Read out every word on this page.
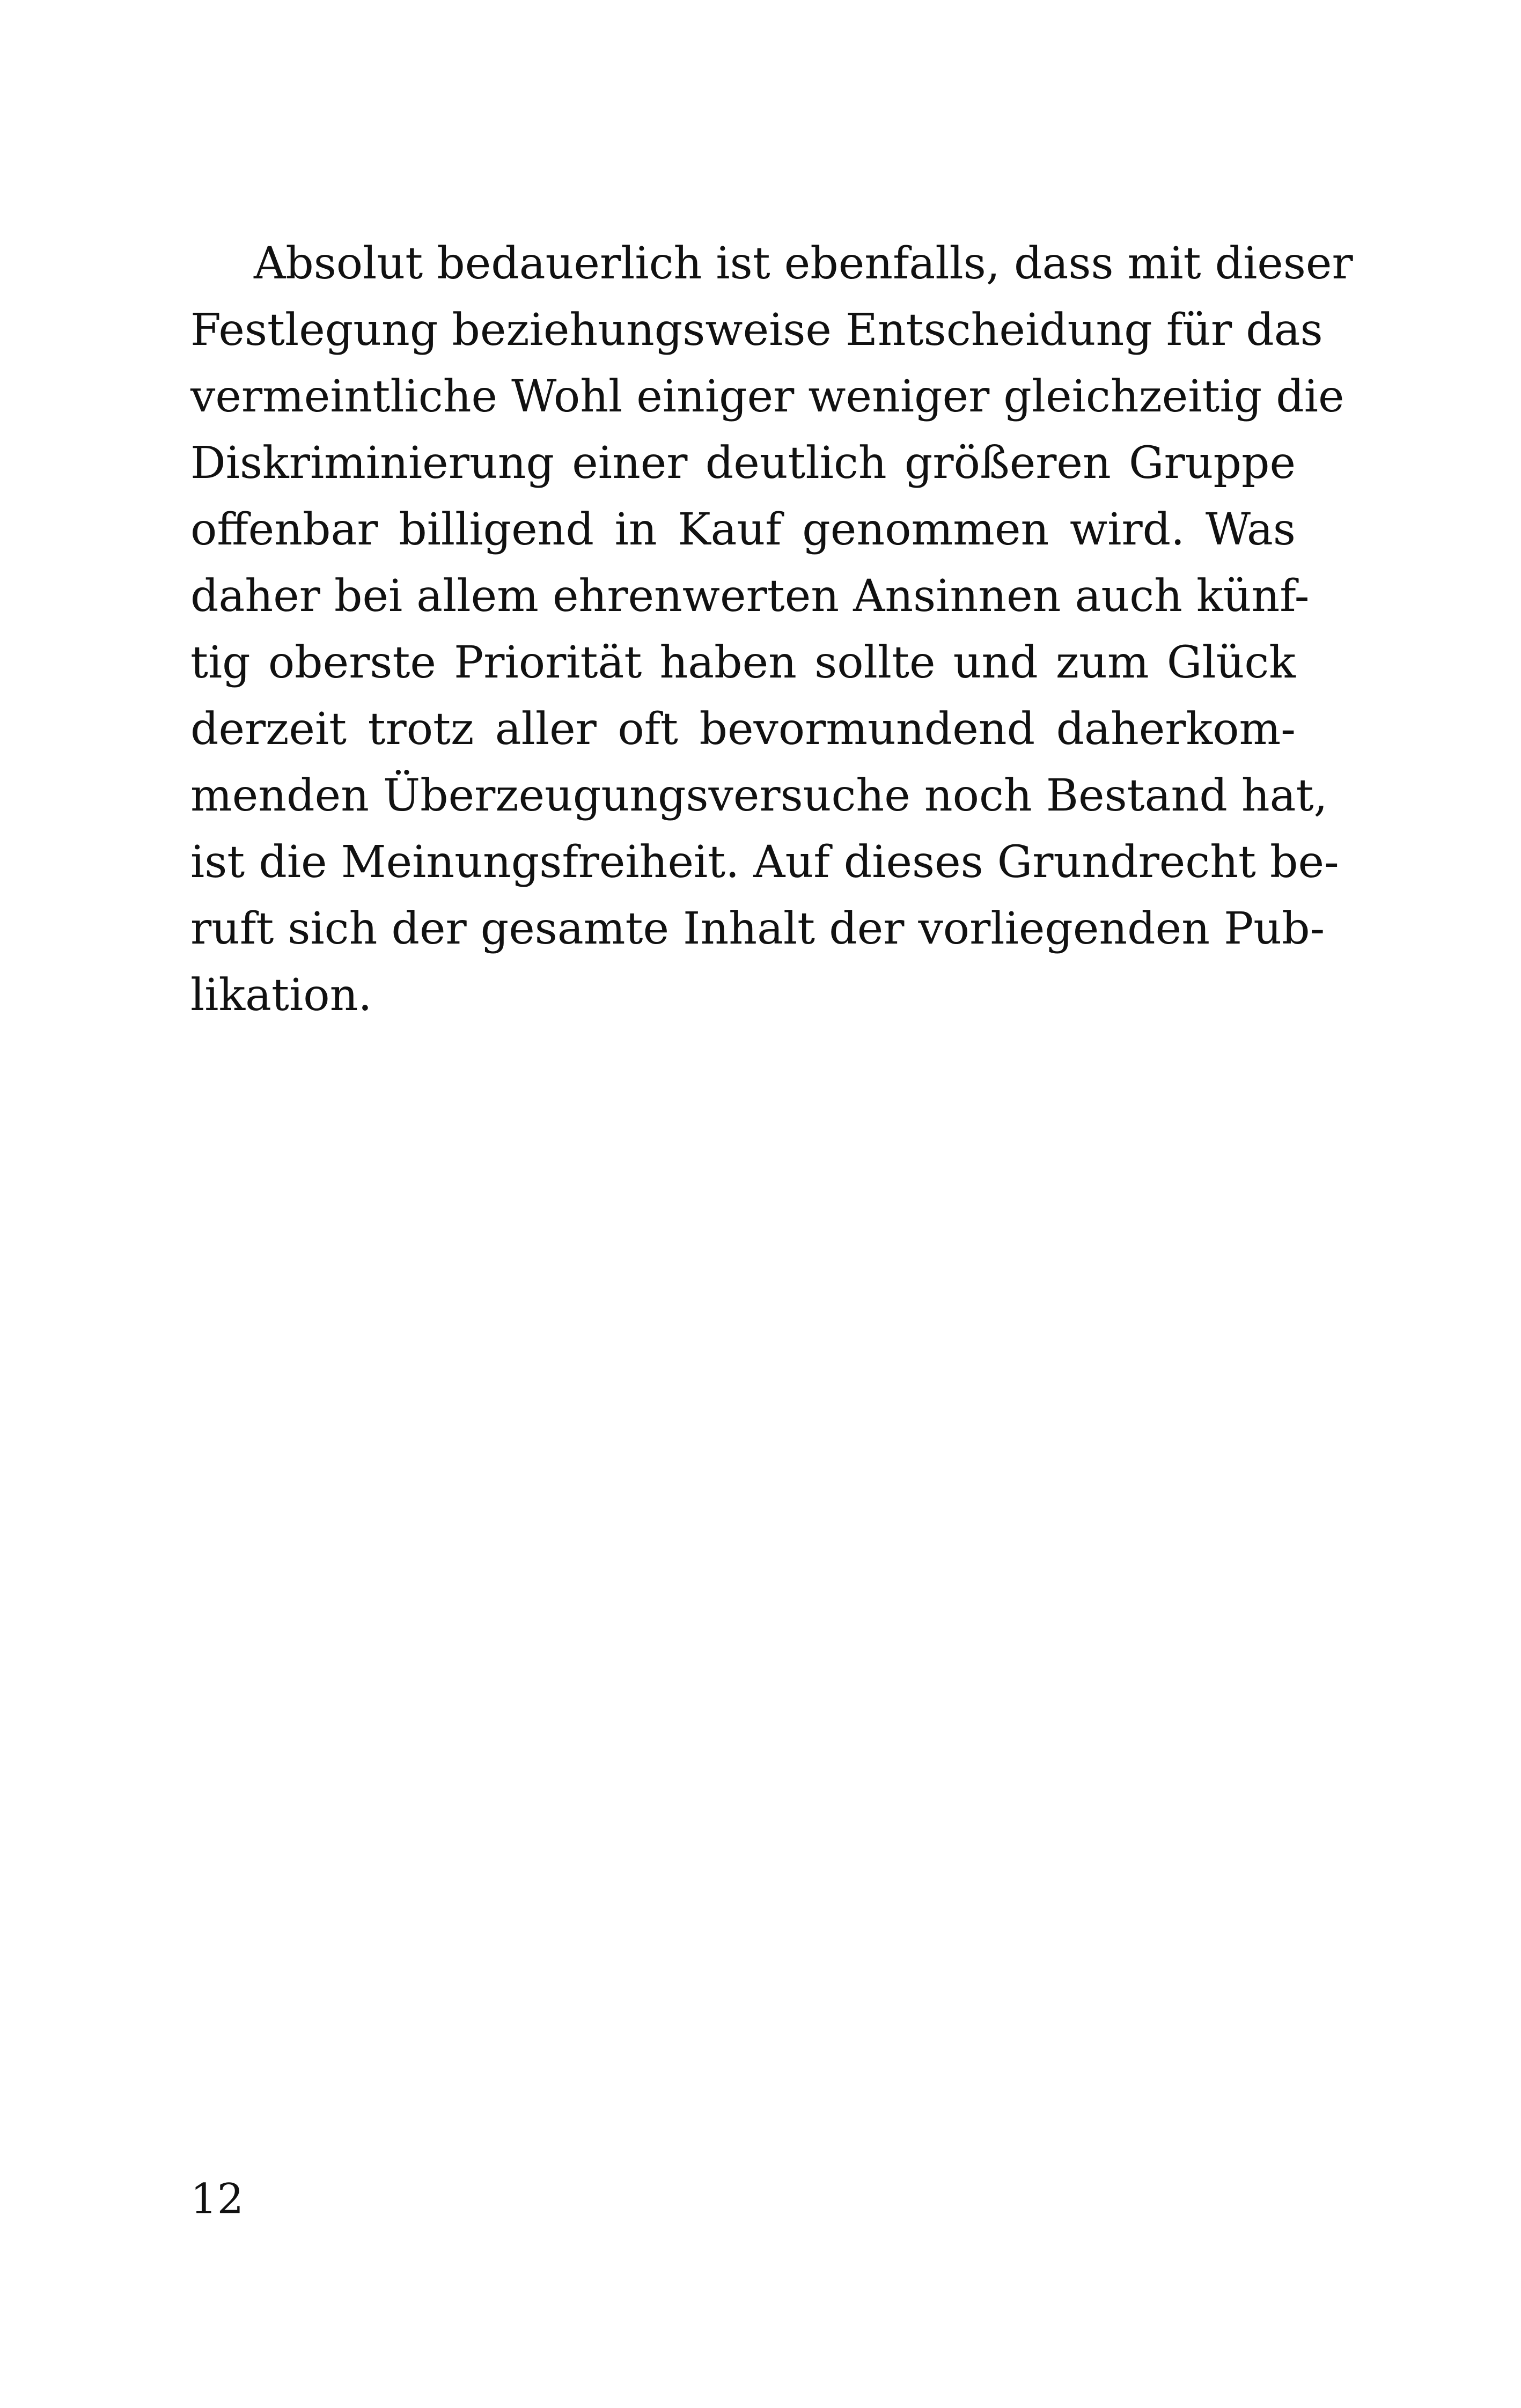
Absolut bedauerlich ist ebenfalls, dass mit dieser
Festlegung beziehungsweise Entscheidung für das
vermeintliche Wohl einiger weniger gleichzeitig die
Diskriminierung einer deutlich größeren Gruppe
offenbar billigend in Kauf genommen wird. Was
daher bei allem ehrenwerten Ansinnen auch künf-
tig oberste Priorität haben sollte und zum Glück
derzeit trotz aller oft bevormundend daherkom-
menden Überzeugungsversuche noch Bestand hat,
ist die Meinungsfreiheit. Auf dieses Grundrecht be-
ruft sich der gesamte Inhalt der vorliegenden Pub-
likation.
12
